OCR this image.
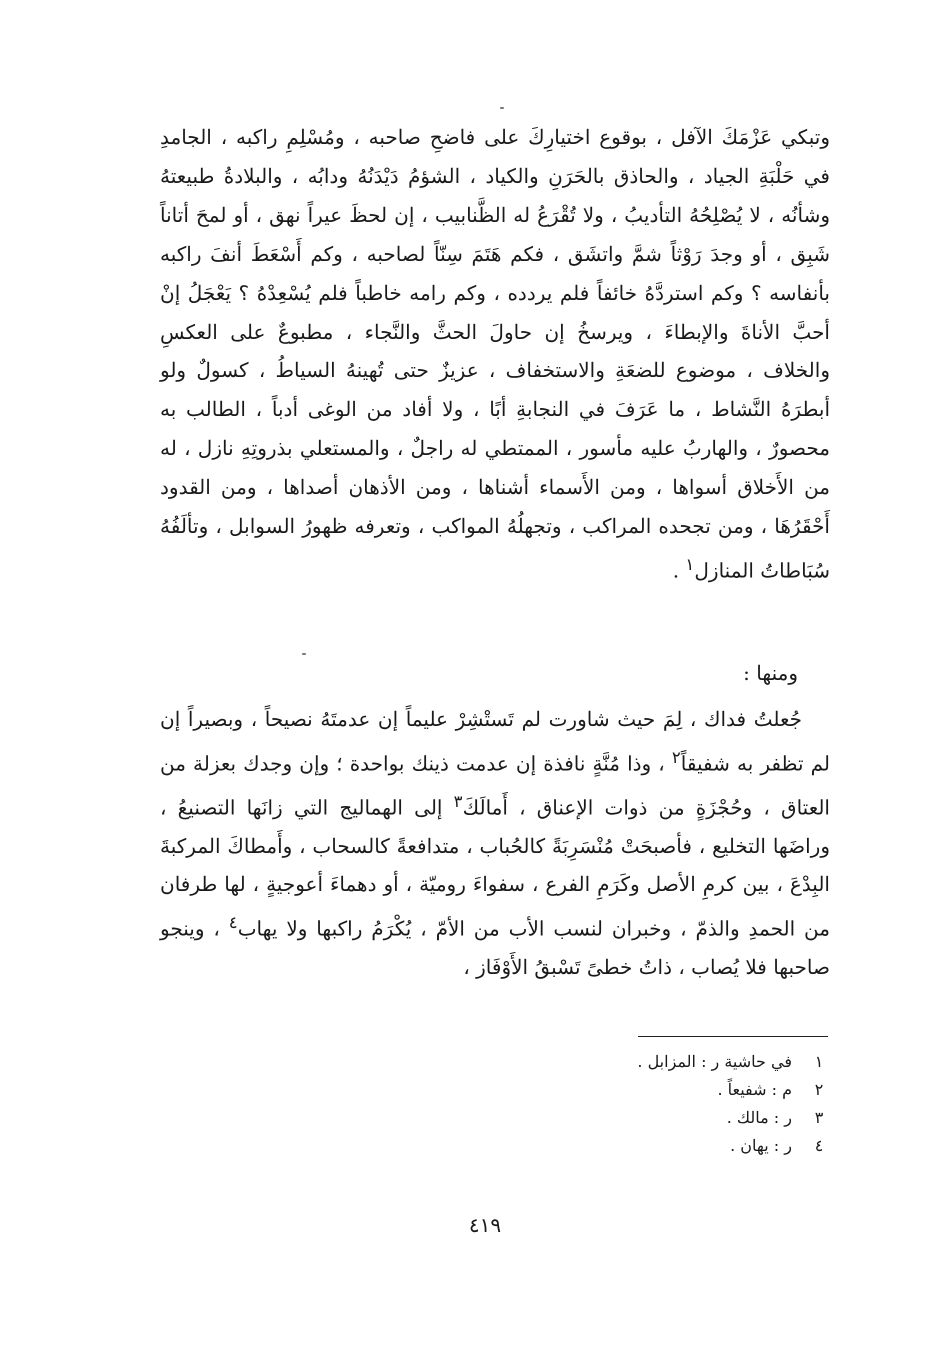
وتبكي عَزْمَكَ الآفل ، بوقوع اختيارِكَ على فاضحِ صاحبه ، ومُسْلِمِ راكبه ، الجامدِ في حَلْبَةِ الجياد ، والحاذق بالحَرَنِ والكياد ، الشؤمُ دَيْدَنُهُ ودابُه ، والبلادةُ طبيعتهُ وشأنُه ، لا يُصْلِحُهُ التأديبُ ، ولا تُقْرَعُ له الظَّنابيب ، إن لحظَ عيراً نهق ، أو لمحَ أتاناً شَبِق ، أو وجدَ رَوْثاً شمَّ واتشَق ، فكم هَتَمَ سِنّاً لصاحبه ، وكم أَسْعَطَ أنفَ راكبه بأنفاسه ؟ وكم استردَّهُ خائفاً فلم يردده ، وكم رامه خاطباً فلم يُسْعِدْهُ ؟ يَعْجَلُ إنْ أحبَّ الأناةَ والإبطاءَ ، ويرسخُ إن حاولَ الحثَّ والنَّجاء ، مطبوعٌ على العكسِ والخلاف ، موضوع للضعَةِ والاستخفاف ، عزيزٌ حتى تُهينهُ السياطُ ، كسولٌ ولو أبطرَهُ النَّشاط ، ما عَرَفَ في النجابةِ أبًا ، ولا أفاد من الوغى أدباً ، الطالب به محصورٌ ، والهاربُ عليه مأسور ، الممتطي له راجلٌ ، والمستعلي بذروتِهِ نازل ، له من الأَخلاق أسواها ، ومن الأَسماء أشناها ، ومن الأذهان أصداها ، ومن القدود أَحْقَرُهَا ، ومن تجحده المراكب ، وتجهلُهُ المواكب ، وتعرفه ظهورُ السوابل ، وتألَفُهُ سُبَاطاتُ المنازل$^١$ .

ومنها :

جُعلتُ فداك ، لِمَ حيث شاورت لم تَستْشِرْ عليماً إن عدمتَهُ نصيحاً ، وبصيراً إن لم تظفر به شفيقاً$^٢$ ، وذا مُنَّةٍ نافذة إن عدمت ذينك بواحدة ؛ وإن وجدك بعزلة من العتاق ، وحُجْزَةٍ من ذوات الإعناق ، أَمالَكَ$^٣$ إلى الهماليج التي زانَها التصنيعُ ، وراضَها التخليع ، فأصبحَتْ مُنْسَرِبَةً كالحُباب ، متدافعةً كالسحاب ، وأَمطاكَ المركبةَ البِدْعَ ، بين كرمِ الأصل وكَرَمِ الفرع ، سفواءَ روميّة ، أو دهماءَ أعوجيةٍ ، لها طرفان من الحمدِ والذمّ ، وخبران لنسب الأب من الأمّ ، يُكْرَمُ راكبها ولا يهاب$^٤$ ، وينجو صاحبها فلا يُصاب ، ذاتُ خطىً تَسْبقُ الأَوْفَاز ،

١
في حاشية ر : المزابل .
٢
م : شفيعاً .
٣
ر : مالك .
٤
ر : يهان .
٤١٩
